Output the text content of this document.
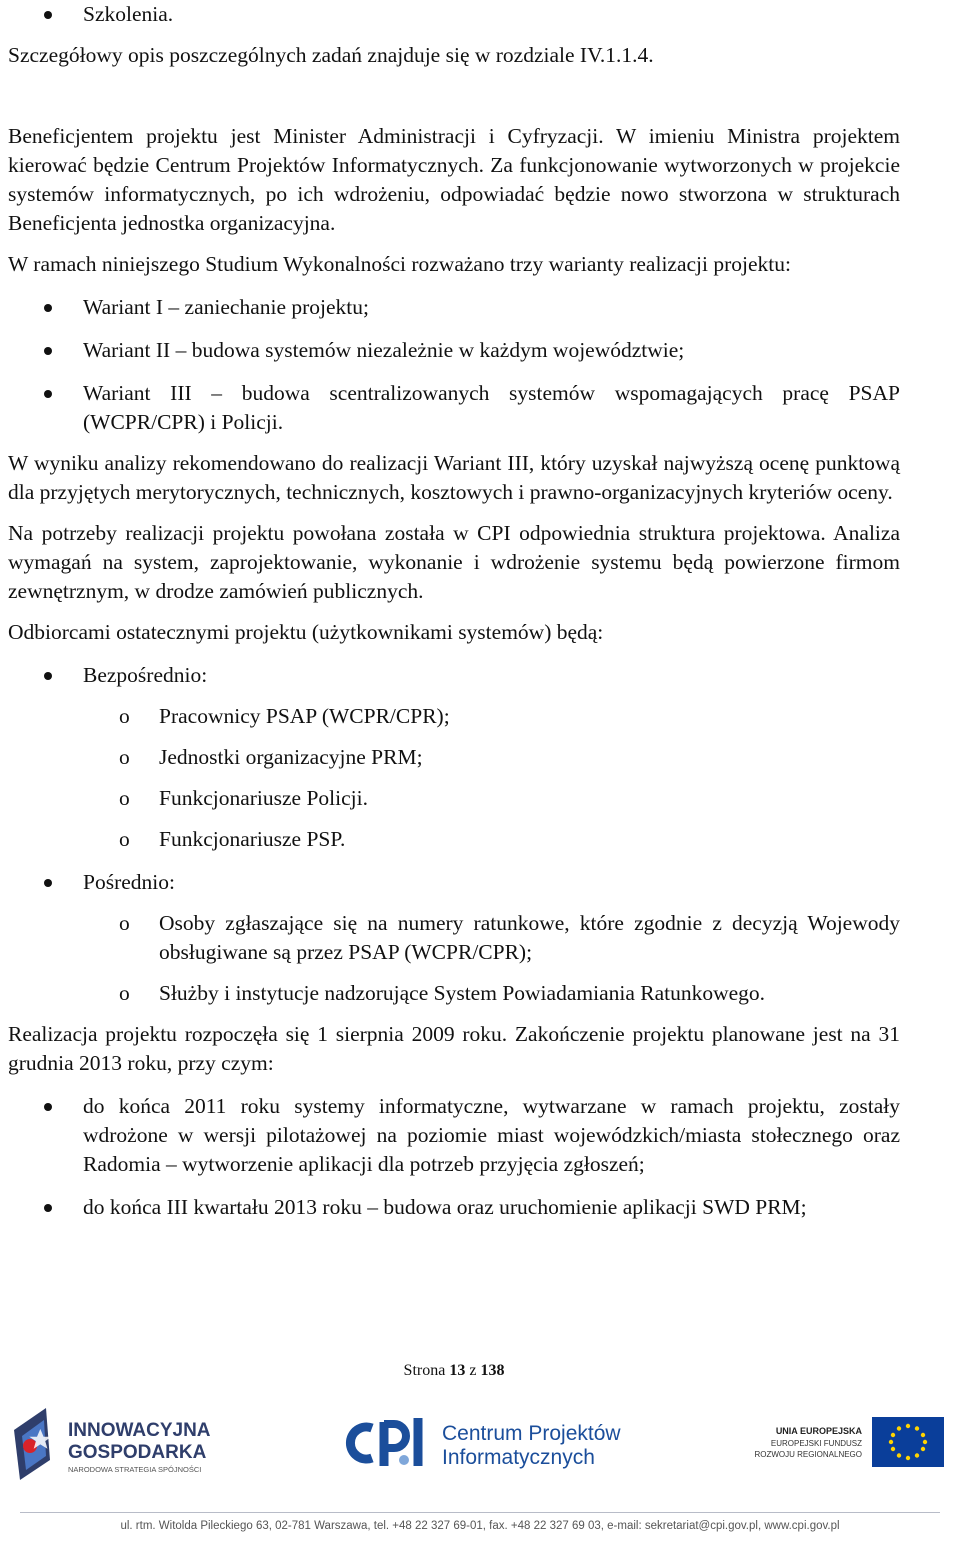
Szkolenia.

Szczegółowy opis poszczególnych zadań znajduje się w rozdziale IV.1.1.4.

Beneficjentem projektu jest Minister Administracji i Cyfryzacji. W imieniu Ministra projektem kierować będzie Centrum Projektów Informatycznych. Za funkcjonowanie wytworzonych w projekcie systemów informatycznych, po ich wdrożeniu, odpowiadać będzie nowo stworzona w strukturach Beneficjenta jednostka organizacyjna.

W ramach niniejszego Studium Wykonalności rozważano trzy warianty realizacji projektu:

Wariant I – zaniechanie projektu;
Wariant II – budowa systemów niezależnie w każdym województwie;
Wariant III – budowa scentralizowanych systemów wspomagających pracę PSAP (WCPR/CPR) i Policji.

W wyniku analizy rekomendowano do realizacji Wariant III, który uzyskał najwyższą ocenę punktową dla przyjętych merytorycznych, technicznych, kosztowych i prawno-organizacyjnych kryteriów oceny.

Na potrzeby realizacji projektu powołana została w CPI odpowiednia struktura projektowa. Analiza wymagań na system, zaprojektowanie, wykonanie i wdrożenie systemu będą powierzone firmom zewnętrznym, w drodze zamówień publicznych.

Odbiorcami ostatecznymi projektu (użytkownikami systemów) będą:

Bezpośrednio:
o Pracownicy PSAP (WCPR/CPR);
o Jednostki organizacyjne PRM;
o Funkcjonariusze Policji.
o Funkcjonariusze PSP.
Pośrednio:
o Osoby zgłaszające się na numery ratunkowe, które zgodnie z decyzją Wojewody obsługiwane są przez PSAP (WCPR/CPR);
o Służby i instytucje nadzorujące System Powiadamiania Ratunkowego.

Realizacja projektu rozpoczęła się 1 sierpnia 2009 roku. Zakończenie projektu planowane jest na 31 grudnia 2013 roku, przy czym:

do końca 2011 roku systemy informatyczne, wytwarzane w ramach projektu, zostały wdrożone w wersji pilotażowej na poziomie miast wojewódzkich/miasta stołecznego oraz Radomia – wytworzenie aplikacji dla potrzeb przyjęcia zgłoszeń;
do końca III kwartału 2013 roku – budowa oraz uruchomienie aplikacji SWD PRM;
Strona 13 z 138
INNOWACYJNA
GOSPODARKA
NARODOWA STRATEGIA SPÓJNOŚCI
Centrum Projektów
Informatycznych
UNIA EUROPEJSKA
EUROPEJSKI FUNDUSZ
ROZWOJU REGIONALNEGO
ul. rtm. Witolda Pileckiego 63, 02-781 Warszawa, tel. +48 22 327 69-01, fax. +48 22 327 69 03, e-mail: sekretariat@cpi.gov.pl, www.cpi.gov.pl
